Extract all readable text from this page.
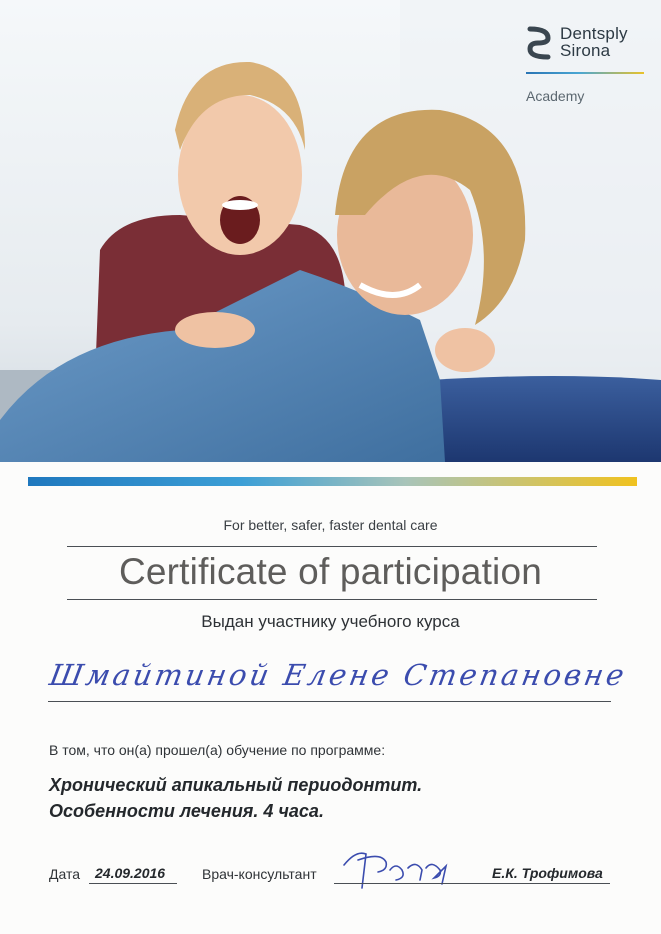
Dentsply
Sirona
Academy
For better, safer, faster dental care
Certificate of participation
Выдан участнику учебного курса
Шмайтиной Елене Степановне
В том, что он(а) прошел(а) обучение по программе:
Хронический апикальный периодонтит.
Особенности лечения. 4 часа.
Дата 24.09.2016	Врач-консультант	Е.К. Трофимова
